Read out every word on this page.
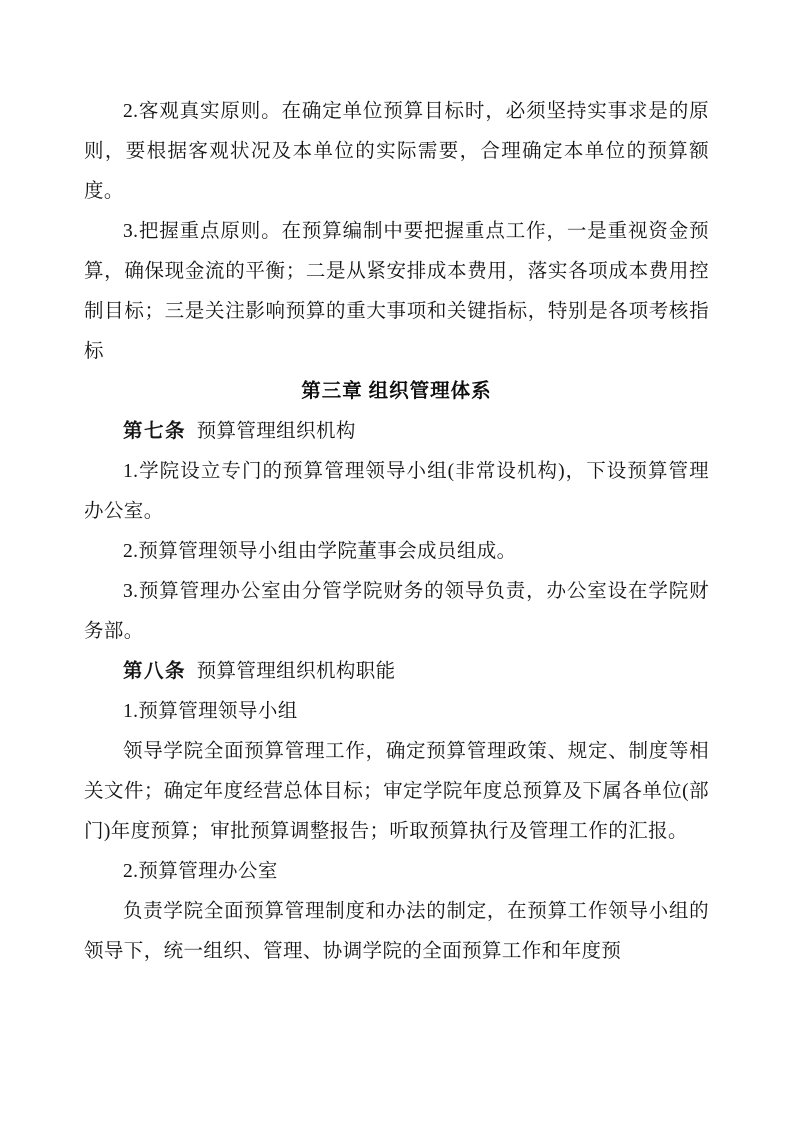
2.客观真实原则。在确定单位预算目标时，必须坚持实事求是的原则，要根据客观状况及本单位的实际需要，合理确定本单位的预算额度。

3.把握重点原则。在预算编制中要把握重点工作，一是重视资金预算，确保现金流的平衡；二是从紧安排成本费用，落实各项成本费用控制目标；三是关注影响预算的重大事项和关键指标，特别是各项考核指标

第三章 组织管理体系

第七条 预算管理组织机构

1.学院设立专门的预算管理领导小组(非常设机构)，下设预算管理办公室。

2.预算管理领导小组由学院董事会成员组成。

3.预算管理办公室由分管学院财务的领导负责，办公室设在学院财务部。

第八条 预算管理组织机构职能

1.预算管理领导小组

领导学院全面预算管理工作，确定预算管理政策、规定、制度等相关文件；确定年度经营总体目标；审定学院年度总预算及下属各单位(部门)年度预算；审批预算调整报告；听取预算执行及管理工作的汇报。

2.预算管理办公室

负责学院全面预算管理制度和办法的制定，在预算工作领导小组的领导下，统一组织、管理、协调学院的全面预算工作和年度预
